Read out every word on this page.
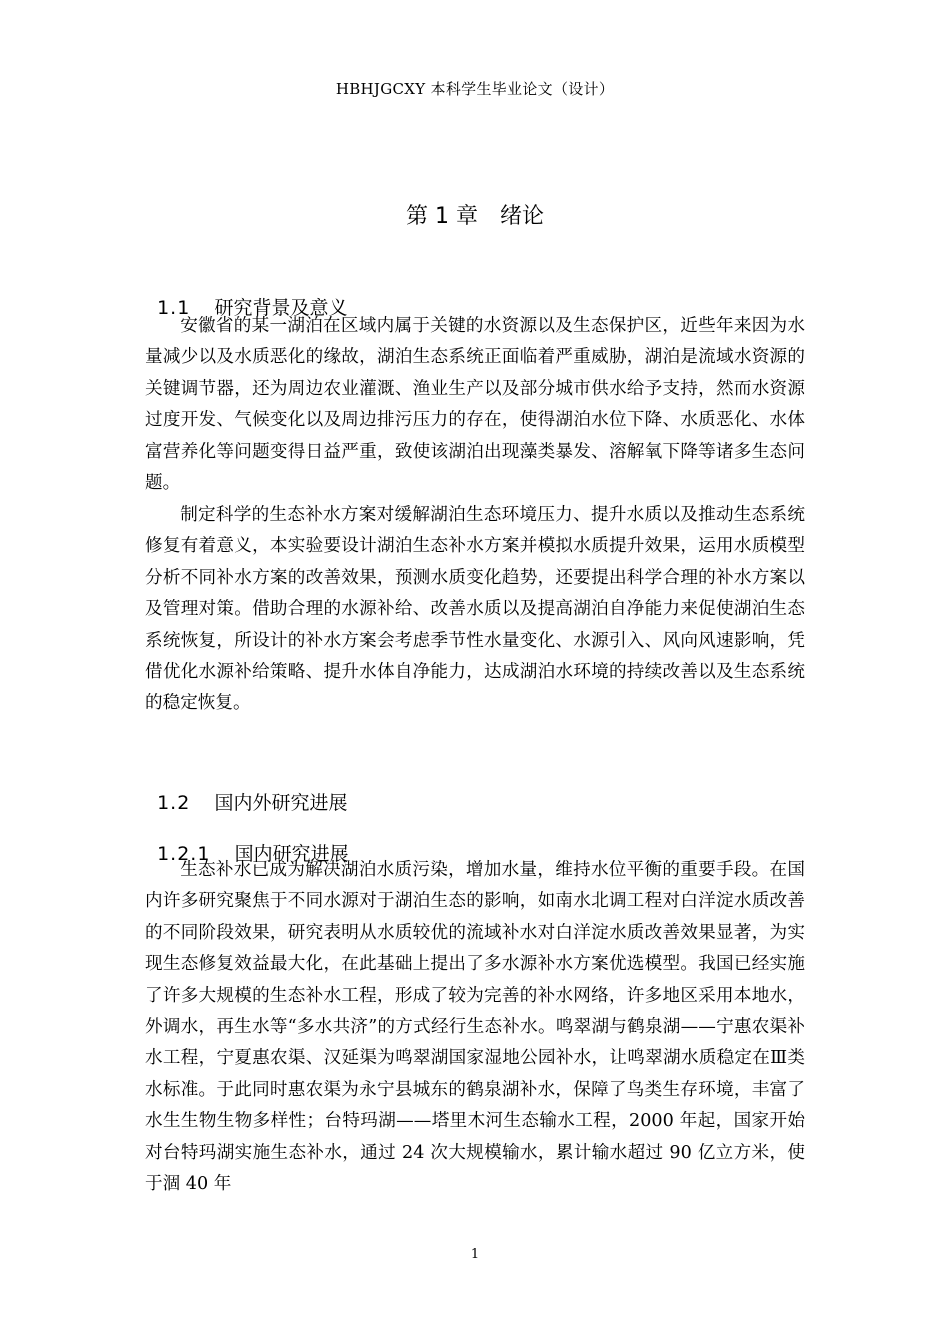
HBHJGCXY 本科学生毕业论文（设计）
第 1 章　绪论

1.1 研究背景及意义

安徽省的某一湖泊在区域内属于关键的水资源以及生态保护区，近些年来因为水量减少以及水质恶化的缘故，湖泊生态系统正面临着严重威胁，湖泊是流域水资源的关键调节器，还为周边农业灌溉、渔业生产以及部分城市供水给予支持，然而水资源过度开发、气候变化以及周边排污压力的存在，使得湖泊水位下降、水质恶化、水体富营养化等问题变得日益严重，致使该湖泊出现藻类暴发、溶解氧下降等诸多生态问题。

制定科学的生态补水方案对缓解湖泊生态环境压力、提升水质以及推动生态系统修复有着意义，本实验要设计湖泊生态补水方案并模拟水质提升效果，运用水质模型分析不同补水方案的改善效果，预测水质变化趋势，还要提出科学合理的补水方案以及管理对策。借助合理的水源补给、改善水质以及提高湖泊自净能力来促使湖泊生态系统恢复，所设计的补水方案会考虑季节性水量变化、水源引入、风向风速影响，凭借优化水源补给策略、提升水体自净能力，达成湖泊水环境的持续改善以及生态系统的稳定恢复。

1.2 国内外研究进展

1.2.1 国内研究进展

生态补水已成为解决湖泊水质污染，增加水量，维持水位平衡的重要手段。在国内许多研究聚焦于不同水源对于湖泊生态的影响，如南水北调工程对白洋淀水质改善的不同阶段效果，研究表明从水质较优的流域补水对白洋淀水质改善效果显著，为实现生态修复效益最大化，在此基础上提出了多水源补水方案优选模型。我国已经实施了许多大规模的生态补水工程，形成了较为完善的补水网络，许多地区采用本地水，外调水，再生水等“多水共济”的方式经行生态补水。鸣翠湖与鹤泉湖——宁惠农渠补水工程，宁夏惠农渠、汉延渠为鸣翠湖国家湿地公园补水，让鸣翠湖水质稳定在Ⅲ类水标准。于此同时惠农渠为永宁县城东的鹤泉湖补水，保障了鸟类生存环境，丰富了水生生物生物多样性；台特玛湖——塔里木河生态输水工程，2000 年起，国家开始对台特玛湖实施生态补水，通过 24 次大规模输水，累计输水超过 90 亿立方米，使于涸 40 年

1
